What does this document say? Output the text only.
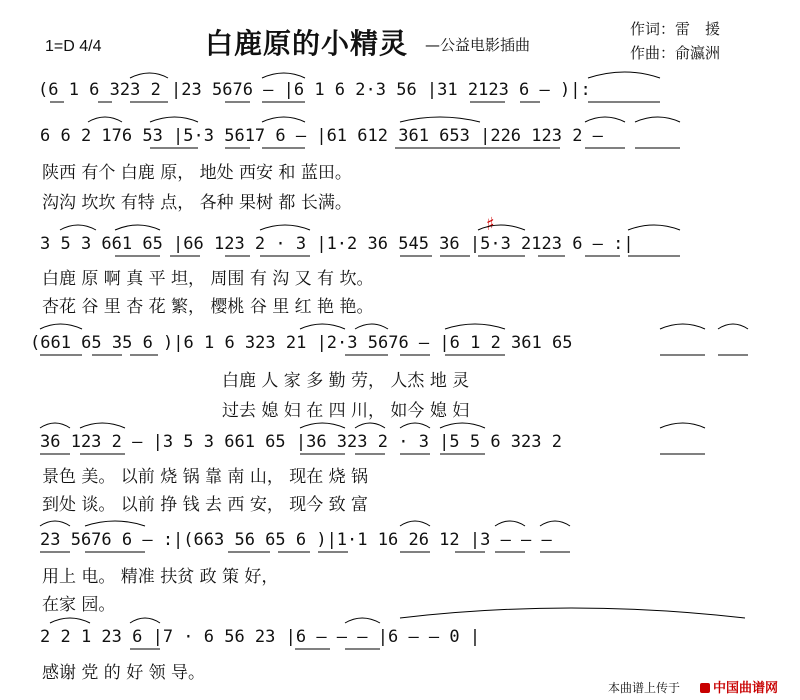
1=D 4/4	白鹿原的小精灵 —公益电影插曲
作词：雷　援
作曲：俞瀛洲
(6 1 6 323 2 |23 5676 — |6 1 6 2·3 56 |31 2123 6 — )|:
6 6 2 176 53 |5·3 5617 6 — |61 612 361 653 |226 123 2 —
陕西 有个 白鹿 原， 地处 西安 和 蓝田。
沟沟 坎坎 有特 点， 各种 果树 都 长满。
3 5 3 661 65 |66 123 2 · 3 |1·2 36 545 36 |5·3 2123 6 — :|
♯
白鹿 原 啊 真 平 坦， 周围 有 沟 又 有 坎。
杏花 谷 里 杏 花 繁， 樱桃 谷 里 红 艳 艳。
(661 65 35 6 )|6 1 6 323 21 |2·3 5676 — |6 1 2 361 65
白鹿 人 家 多 勤 劳， 人杰 地 灵
过去 媳 妇 在 四 川， 如今 媳 妇
36 123 2 — |3 5 3 661 65 |36 323 2 · 3 |5 5 6 323 2
景色 美。 以前 烧 锅 靠 南 山， 现在 烧 锅
到处 谈。 以前 挣 钱 去 西 安， 现今 致 富
23 5676 6 — :|(663 56 65 6 )|1·1 16 26 12 |3 — — —
用上 电。 精准 扶贫 政 策 好，
在家 园。
2 2 1 23 6 |7 · 6 56 23 |6 — — — |6 — — 0 |
感谢 党 的 好 领 导。
本曲谱上传于	中国曲谱网
